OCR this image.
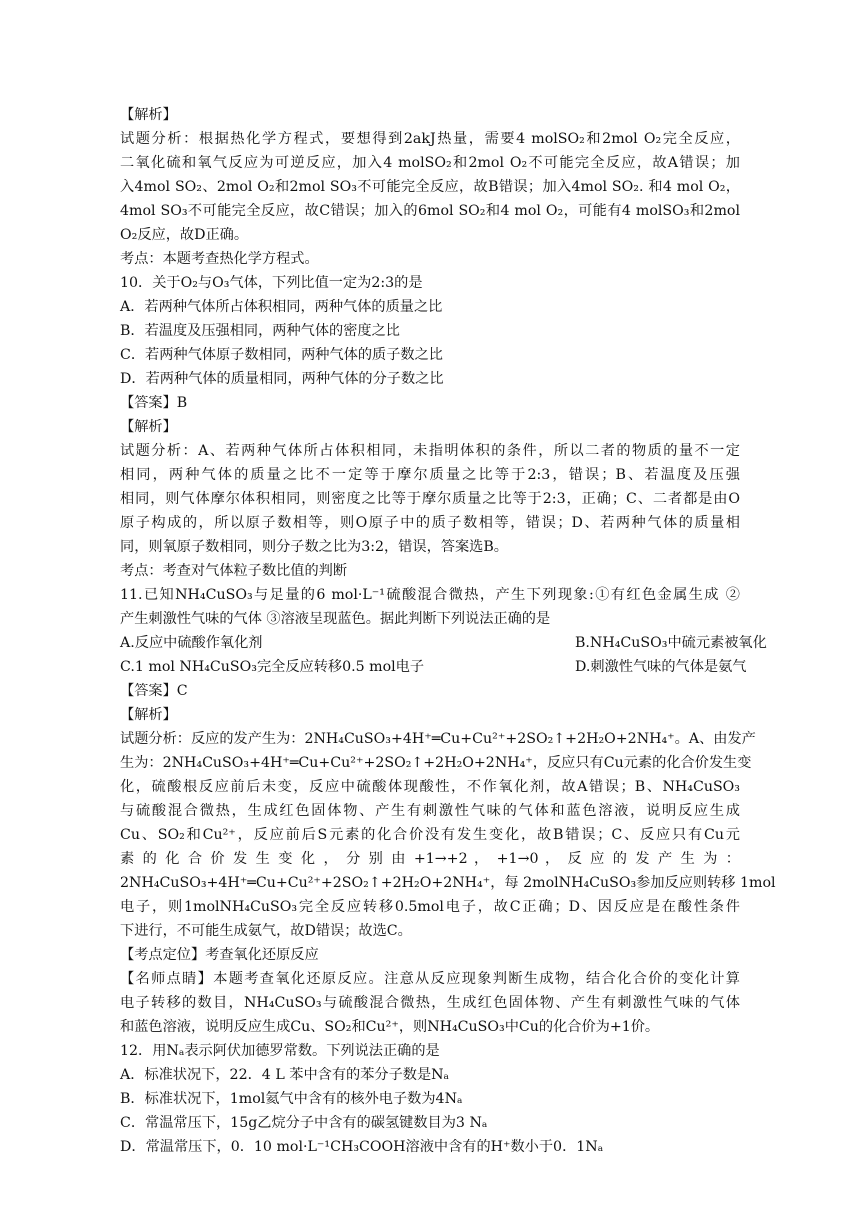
【解析】
试题分析：根据热化学方程式，要想得到2akJ热量，需要4 molSO₂和2mol O₂完全反应，
二氧化硫和氧气反应为可逆反应，加入4 molSO₂和2mol O₂不可能完全反应，故A错误；加
入4mol SO₂、2mol O₂和2mol SO₃不可能完全反应，故B错误；加入4mol SO₂. 和4 mol O₂，
4mol SO₃不可能完全反应，故C错误；加入的6mol SO₂和4 mol O₂，可能有4 molSO₃和2mol
O₂反应，故D正确。
考点：本题考查热化学方程式。
10．关于O₂与O₃气体，下列比值一定为2:3的是
A．若两种气体所占体积相同，两种气体的质量之比
B．若温度及压强相同，两种气体的密度之比
C．若两种气体原子数相同，两种气体的质子数之比
D．若两种气体的质量相同，两种气体的分子数之比
【答案】B
【解析】
试题分析：A、若两种气体所占体积相同，未指明体积的条件，所以二者的物质的量不一定
相同，两种气体的质量之比不一定等于摩尔质量之比等于2:3，错误；B、若温度及压强
相同，则气体摩尔体积相同，则密度之比等于摩尔质量之比等于2:3，正确；C、二者都是由O
原子构成的，所以原子数相等，则O原子中的质子数相等，错误；D、若两种气体的质量相
同，则氧原子数相同，则分子数之比为3:2，错误，答案选B。
考点：考查对气体粒子数比值的判断
11.已知NH₄CuSO₃与足量的6 mol·L⁻¹硫酸混合微热，产生下列现象:①有红色金属生成 ②
产生刺激性气味的气体 ③溶液呈现蓝色。据此判断下列说法正确的是
A.反应中硫酸作氧化剂	B.NH₄CuSO₃中硫元素被氧化
C.1 mol NH₄CuSO₃完全反应转移0.5 mol电子	D.刺激性气味的气体是氨气
【答案】C
【解析】
试题分析：反应的发产生为：2NH₄CuSO₃+4H⁺═Cu+Cu²⁺+2SO₂↑+2H₂O+2NH₄⁺。A、由发产
生为：2NH₄CuSO₃+4H⁺═Cu+Cu²⁺+2SO₂↑+2H₂O+2NH₄⁺，反应只有Cu元素的化合价发生变
化，硫酸根反应前后未变，反应中硫酸体现酸性，不作氧化剂，故A错误；B、NH₄CuSO₃
与硫酸混合微热，生成红色固体物、产生有刺激性气味的气体和蓝色溶液，说明反应生成
Cu、SO₂和Cu²⁺，反应前后S元素的化合价没有发生变化，故B错误；C、反应只有Cu元
素 的 化 合 价 发 生 变 化 ， 分 别 由 +1→+2 ， +1→0 ， 反 应 的 发 产 生 为 ：
2NH₄CuSO₃+4H⁺═Cu+Cu²⁺+2SO₂↑+2H₂O+2NH₄⁺，每 2molNH₄CuSO₃参加反应则转移 1mol
电子，则1molNH₄CuSO₃完全反应转移0.5mol电子，故C正确；D、因反应是在酸性条件
下进行，不可能生成氨气，故D错误；故选C。
【考点定位】考查氧化还原反应
【名师点睛】本题考查氧化还原反应。注意从反应现象判断生成物，结合化合价的变化计算
电子转移的数目，NH₄CuSO₃与硫酸混合微热，生成红色固体物、产生有刺激性气味的气体
和蓝色溶液，说明反应生成Cu、SO₂和Cu²⁺，则NH₄CuSO₃中Cu的化合价为+1价。
12．用Nₐ表示阿伏加德罗常数。下列说法正确的是
A．标准状况下，22．4 L 苯中含有的苯分子数是Nₐ
B．标准状况下，1mol氦气中含有的核外电子数为4Nₐ
C．常温常压下，15g乙烷分子中含有的碳氢键数目为3 Nₐ
D．常温常压下，0．10 mol·L⁻¹CH₃COOH溶液中含有的H⁺数小于0．1Nₐ
